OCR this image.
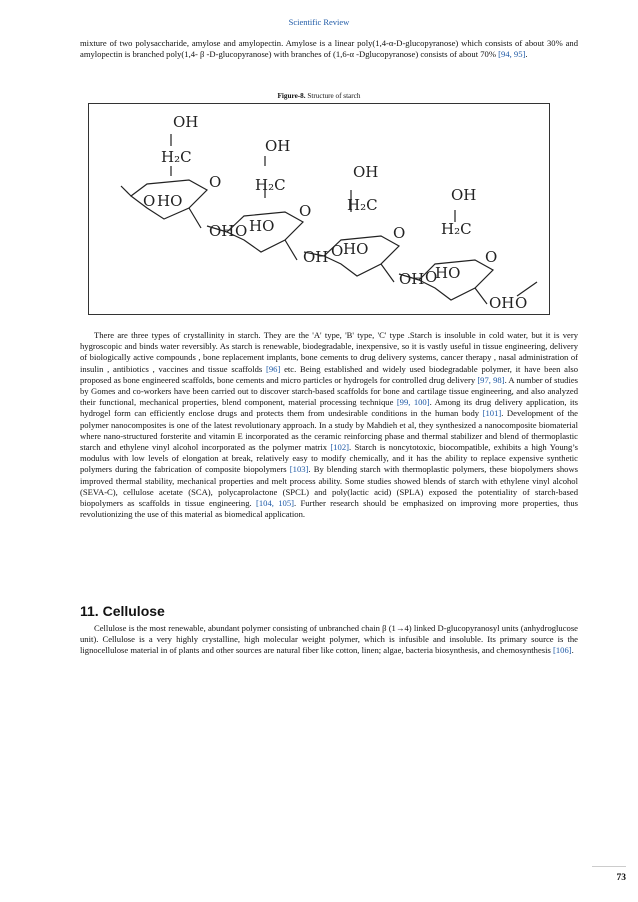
Scientific Review
mixture of two polysaccharide, amylose and amylopectin. Amylose is a linear poly(1,4-α-D-glucopyranose) which consists of about 30% and amylopectin is branched poly(1,4- β -D-glucopyranose) with branches of (1,6-α -Dglucopyranose) consists of about 70% [94, 95].
Figure-8. Structure of starch
OH
H₂C
O
O HO
OH O HO
OH
H₂C
O
OH O HO
OH
H₂C
O
OH O
HO
OH
H₂C
O
OH O
There are three types of crystallinity in starch. They are the 'A' type, 'B' type, 'C' type .Starch is insoluble in cold water, but it is very hygroscopic and binds water reversibly. As starch is renewable, biodegradable, inexpensive, so it is vastly useful in tissue engineering, delivery of biologically active compounds , bone replacement implants, bone cements to drug delivery systems, cancer therapy , nasal administration of insulin , antibiotics , vaccines and tissue scaffolds [96] etc. Being established and widely used biodegradable polymer, it have been also proposed as bone engineered scaffolds, bone cements and micro particles or hydrogels for controlled drug delivery [97, 98]. A number of studies by Gomes and co-workers have been carried out to discover starch-based scaffolds for bone and cartilage tissue engineering, and also analyzed their functional, mechanical properties, blend component, material processing technique [99, 100]. Among its drug delivery application, its hydrogel form can efficiently enclose drugs and protects them from undesirable conditions in the human body [101]. Development of the polymer nanocomposites is one of the latest revolutionary approach. In a study by Mahdieh et al, they synthesized a nanocomposite biomaterial where nano-structured forsterite and vitamin E incorporated as the ceramic reinforcing phase and thermal stabilizer and blend of thermoplastic starch and ethylene vinyl alcohol incorporated as the polymer matrix [102]. Starch is noncytotoxic, biocompatible, exhibits a high Young’s modulus with low levels of elongation at break, relatively easy to modify chemically, and it has the ability to replace expensive synthetic polymers during the fabrication of composite biopolymers [103]. By blending starch with thermoplastic polymers, these biopolymers shows improved thermal stability, mechanical properties and melt process ability. Some studies showed blends of starch with ethylene vinyl alcohol (SEVA-C), cellulose acetate (SCA), polycaprolactone (SPCL) and poly(lactic acid) (SPLA) exposed the potentiality of starch-based biopolymers as scaffolds in tissue engineering. [104, 105]. Further research should be emphasized on improving more properties, thus revolutionizing the use of this material as biomedical application.
11. Cellulose
Cellulose is the most renewable, abundant polymer consisting of unbranched chain β (1→4) linked D-glucopyranosyl units (anhydroglucose unit). Cellulose is a very highly crystalline, high molecular weight polymer, which is infusible and insoluble. Its primary source is the lignocellulose material in of plants and other sources are natural fiber like cotton, linen; algae, bacteria biosynthesis, and chemosynthesis [106].
73
